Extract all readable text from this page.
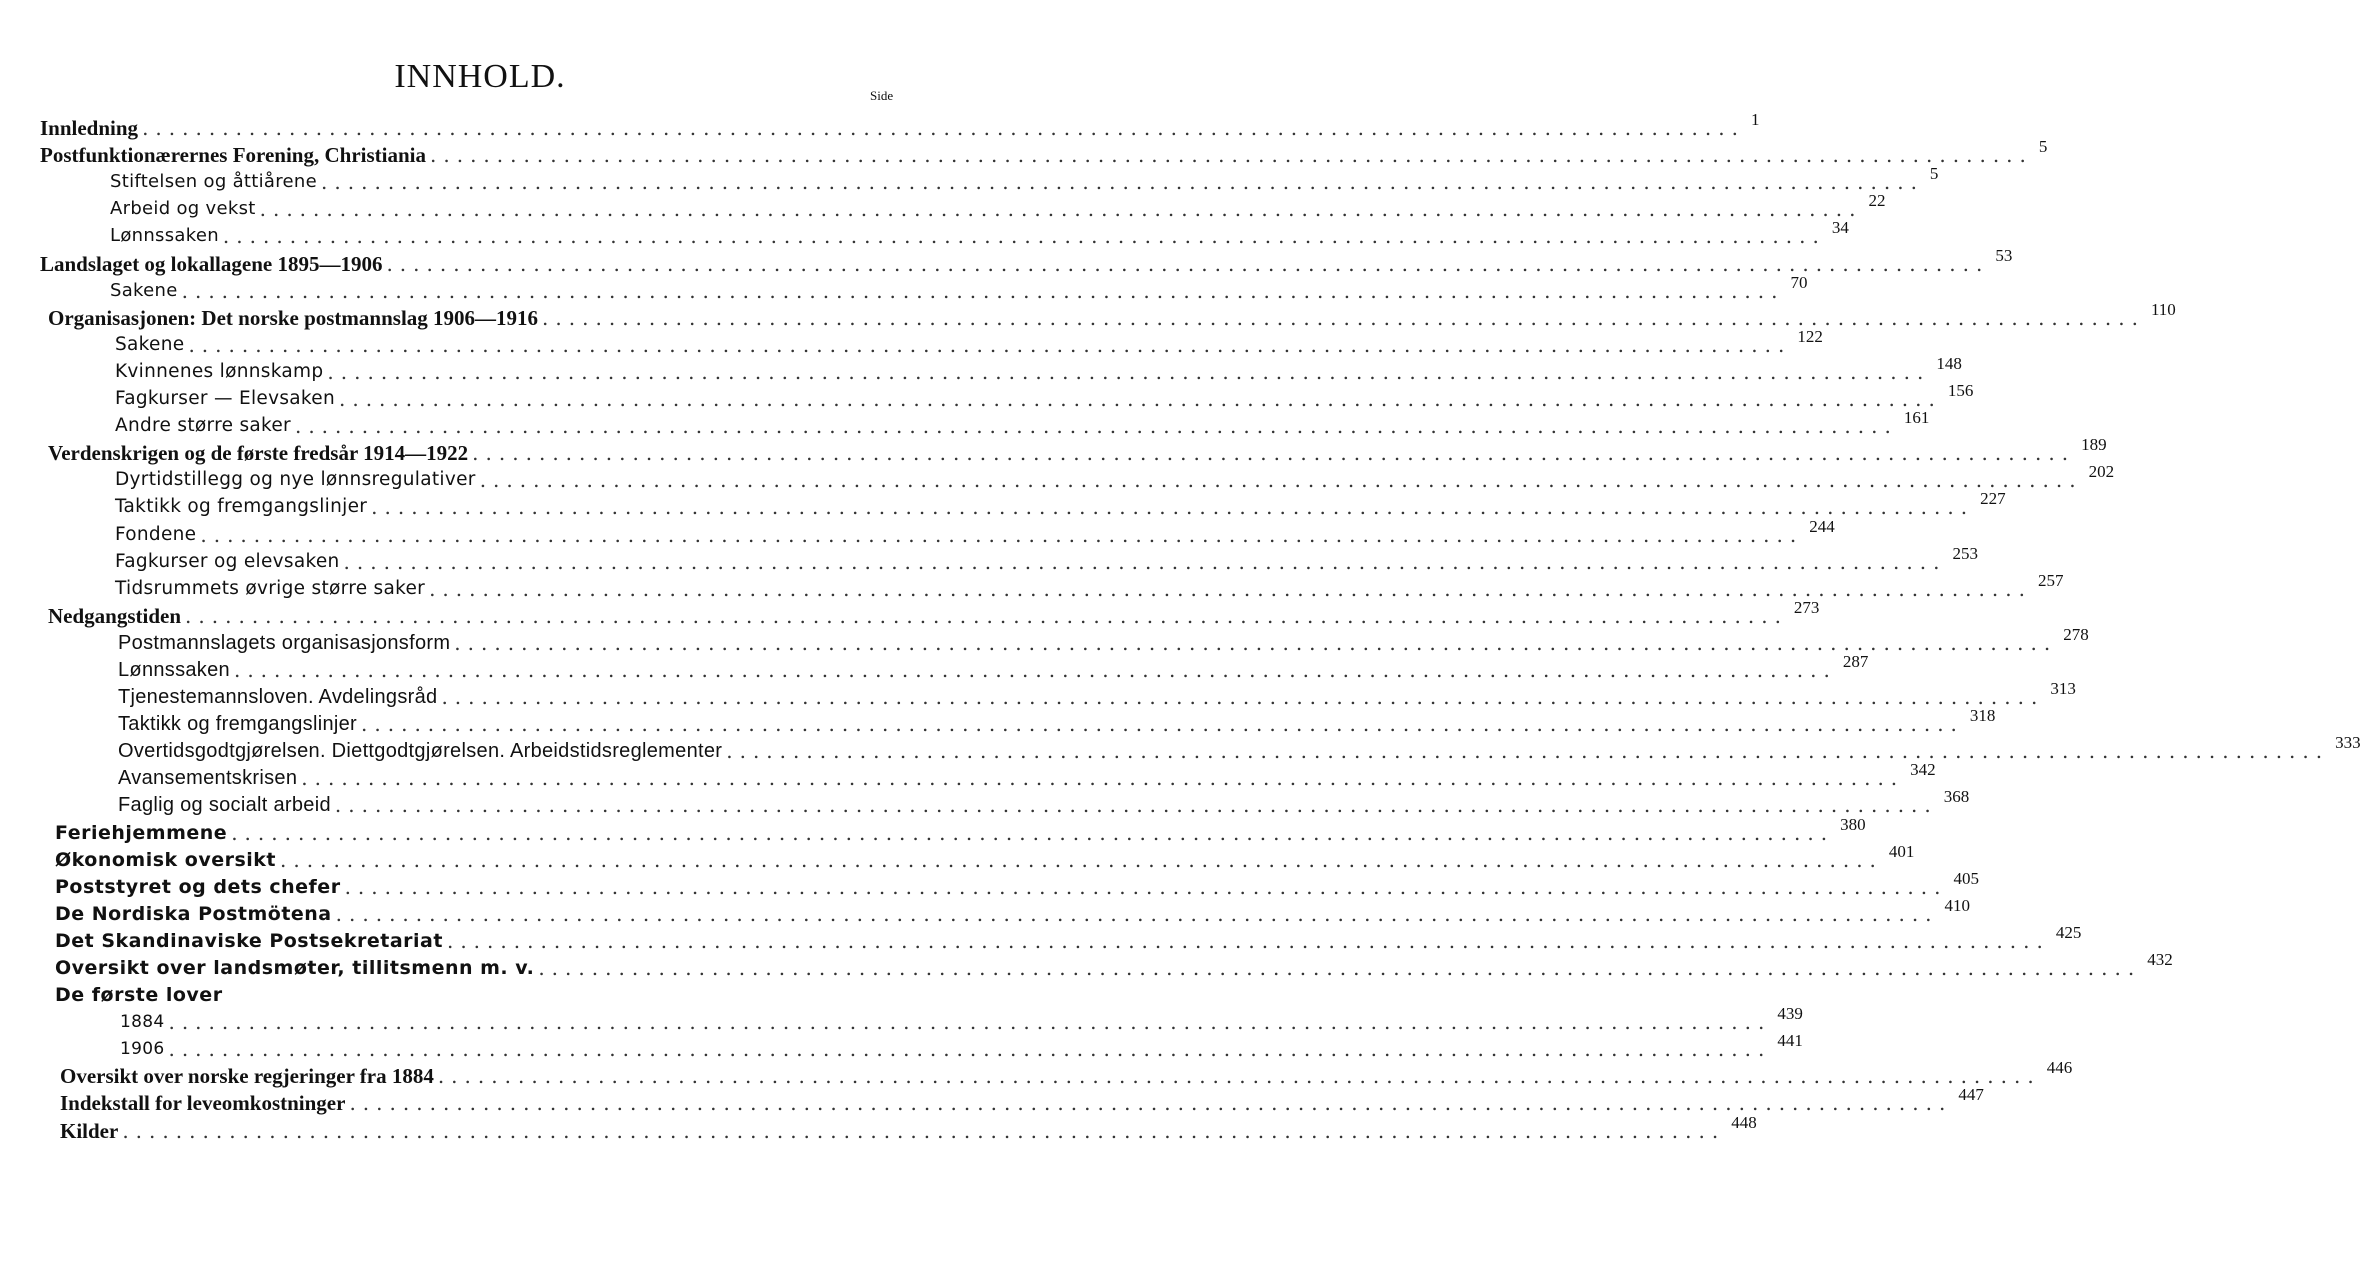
INNHOLD.
Side
Innledning ........................................................................................................................ 1
Postfunktionærernes Forening, Christiania ........................................................................................................................ 5
Stiftelsen og åttiårene ........................................................................................................................ 5
Arbeid og vekst ........................................................................................................................ 22
Lønnssaken ........................................................................................................................ 34
Landslaget og lokallagene 1895—1906 ........................................................................................................................ 53
Sakene ........................................................................................................................ 70
Organisasjonen: Det norske postmannslag 1906—1916 ........................................................................................................................ 110
Sakene ........................................................................................................................ 122
Kvinnenes lønnskamp ........................................................................................................................ 148
Fagkurser — Elevsaken ........................................................................................................................ 156
Andre større saker ........................................................................................................................ 161
Verdenskrigen og de første fredsår 1914—1922 ........................................................................................................................ 189
Dyrtidstillegg og nye lønnsregulativer ........................................................................................................................ 202
Taktikk og fremgangslinjer ........................................................................................................................ 227
Fondene ........................................................................................................................ 244
Fagkurser og elevsaken ........................................................................................................................ 253
Tidsrummets øvrige større saker ........................................................................................................................ 257
Nedgangstiden ........................................................................................................................ 273
Postmannslagets organisasjonsform ........................................................................................................................ 278
Lønnssaken ........................................................................................................................ 287
Tjenestemannsloven. Avdelingsråd ........................................................................................................................ 313
Taktikk og fremgangslinjer ........................................................................................................................ 318
Overtidsgodtgjørelsen. Diettgodtgjørelsen. Arbeidstidsreglementer ........................................................................................................................ 333
Avansementskrisen ........................................................................................................................ 342
Faglig og socialt arbeid ........................................................................................................................ 368
Feriehjemmene ........................................................................................................................ 380
Økonomisk oversikt ........................................................................................................................ 401
Poststyret og dets chefer ........................................................................................................................ 405
De Nordiska Postmötena ........................................................................................................................ 410
Det Skandinaviske Postsekretariat ........................................................................................................................ 425
Oversikt over landsmøter, tillitsmenn m. v. ........................................................................................................................ 432
De første lover
1884 ........................................................................................................................ 439
1906 ........................................................................................................................ 441
Oversikt over norske regjeringer fra 1884 ........................................................................................................................ 446
Indekstall for leveomkostninger ........................................................................................................................ 447
Kilder ........................................................................................................................ 448
